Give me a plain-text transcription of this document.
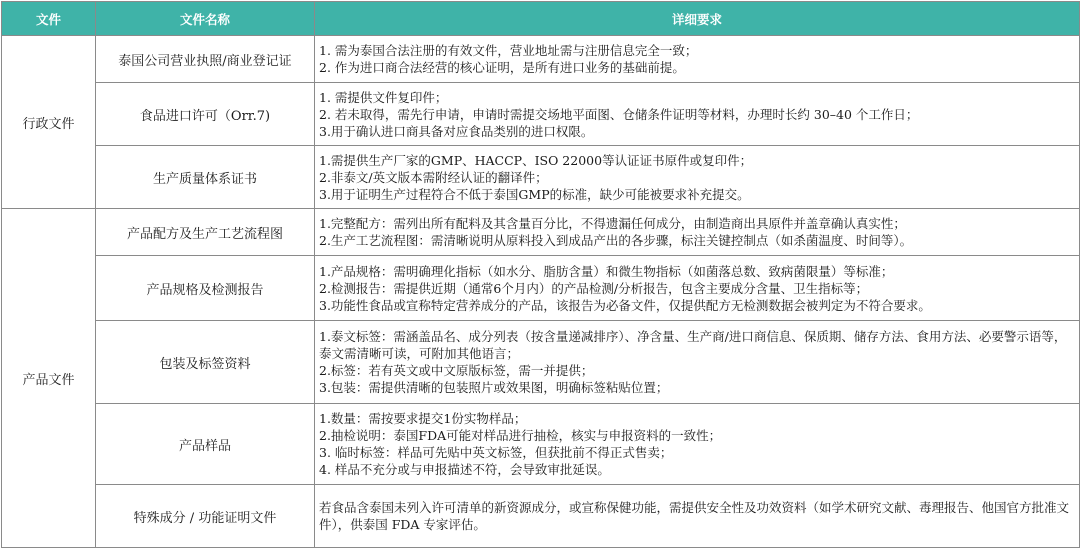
文件	文件名称	详细要求
行政文件	泰国公司营业执照/商业登记证	1. 需为泰国合法注册的有效文件，营业地址需与注册信息完全一致；
2. 作为进口商合法经营的核心证明，是所有进口业务的基础前提。

	食品进口许可（Orr.7)	1. 需提供文件复印件；
2. 若未取得，需先行申请，申请时需提交场地平面图、仓储条件证明等材料，办理时长约 30–40 个工作日；
3.用于确认进口商具备对应食品类别的进口权限。

	生产质量体系证书	1.需提供生产厂家的GMP、HACCP、ISO 22000等认证证书原件或复印件；
2.非泰文/英文版本需附经认证的翻译件；
3.用于证明生产过程符合不低于泰国GMP的标准，缺少可能被要求补充提交。

产品文件	产品配方及生产工艺流程图	1.完整配方：需列出所有配料及其含量百分比，不得遗漏任何成分，由制造商出具原件并盖章确认真实性；
2.生产工艺流程图：需清晰说明从原料投入到成品产出的各步骤，标注关键控制点（如杀菌温度、时间等）。

	产品规格及检测报告	1.产品规格：需明确理化指标（如水分、脂肪含量）和微生物指标（如菌落总数、致病菌限量）等标准；
2.检测报告：需提供近期（通常6个月内）的产品检测/分析报告，包含主要成分含量、卫生指标等；
3.功能性食品或宣称特定营养成分的产品，该报告为必备文件，仅提供配方无检测数据会被判定为不符合要求。

	包装及标签资料	1.泰文标签：需涵盖品名、成分列表（按含量递减排序）、净含量、生产商/进口商信息、保质期、储存方法、食用方法、必要警示语等，泰文需清晰可读，可附加其他语言；
2.标签：若有英文或中文原版标签，需一并提供；
3.包装：需提供清晰的包装照片或效果图，明确标签粘贴位置；

	产品样品	1.数量：需按要求提交1份实物样品；
2.抽检说明：泰国FDA可能对样品进行抽检，核实与申报资料的一致性；
3. 临时标签：样品可先贴中英文标签，但获批前不得正式售卖；
4. 样品不充分或与申报描述不符，会导致审批延误。

	特殊成分 / 功能证明文件	若食品含泰国未列入许可清单的新资源成分，或宣称保健功能，需提供安全性及功效资料（如学术研究文献、毒理报告、他国官方批准文件），供泰国 FDA 专家评估。
